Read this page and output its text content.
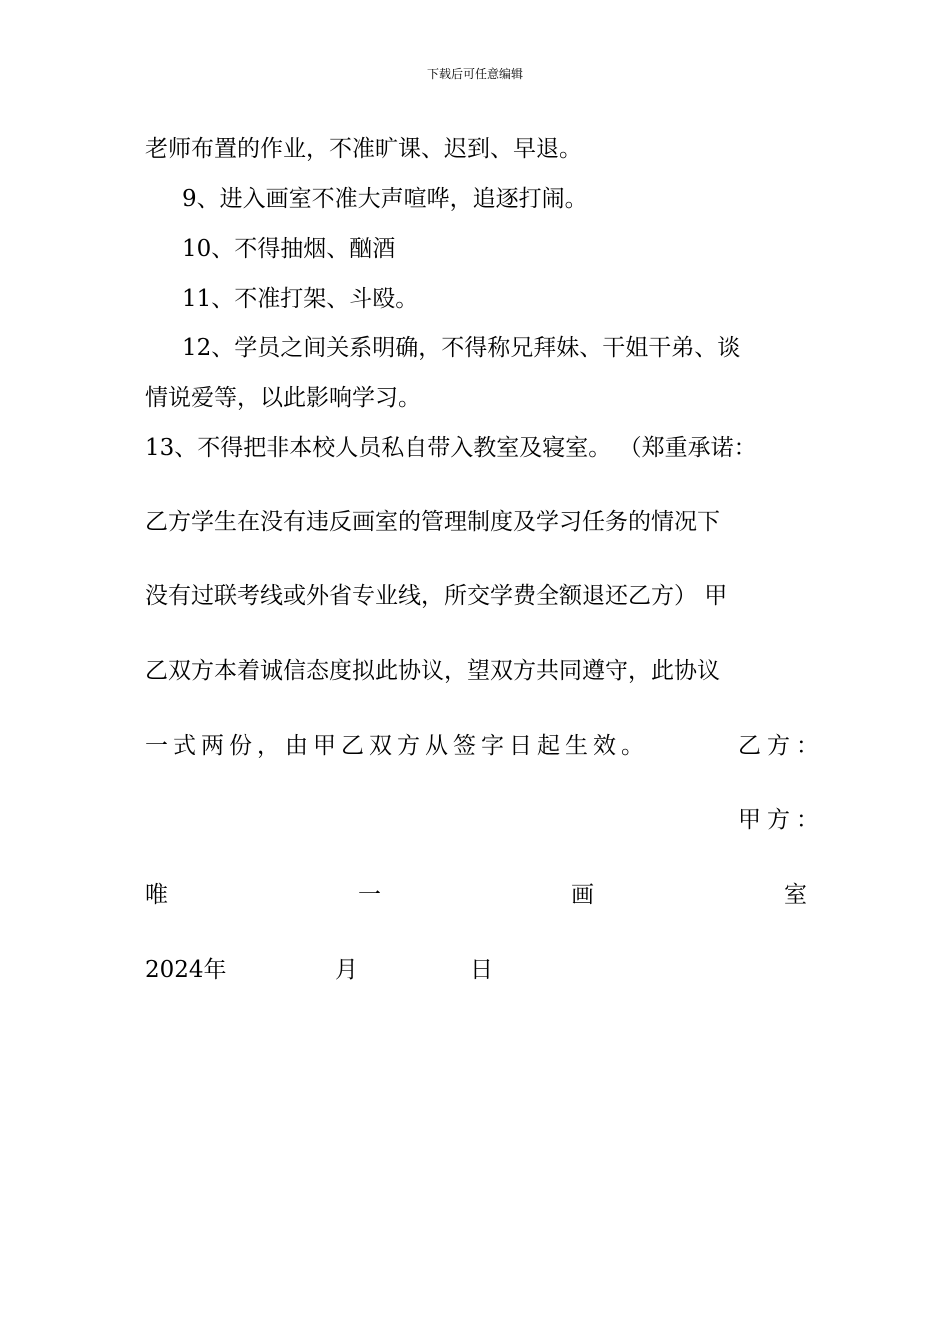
下载后可任意编辑
老师布置的作业，不准旷课、迟到、早退。
9、进入画室不准大声喧哗，追逐打闹。
10、不得抽烟、酗酒
11、不准打架、斗殴。
12、学员之间关系明确，不得称兄拜妹、干姐干弟、谈
情说爱等，以此影响学习。
13、不得把非本校人员私自带入教室及寝室。 （郑重承诺：
乙方学生在没有违反画室的管理制度及学习任务的情况下
没有过联考线或外省专业线，所交学费全额退还乙方） 甲
乙双方本着诚信态度拟此协议，望双方共同遵守，此协议
一式两份，由甲乙双方从签字日起生效。	乙方：
甲方：
唯	一	画	室
2024年	月	日
